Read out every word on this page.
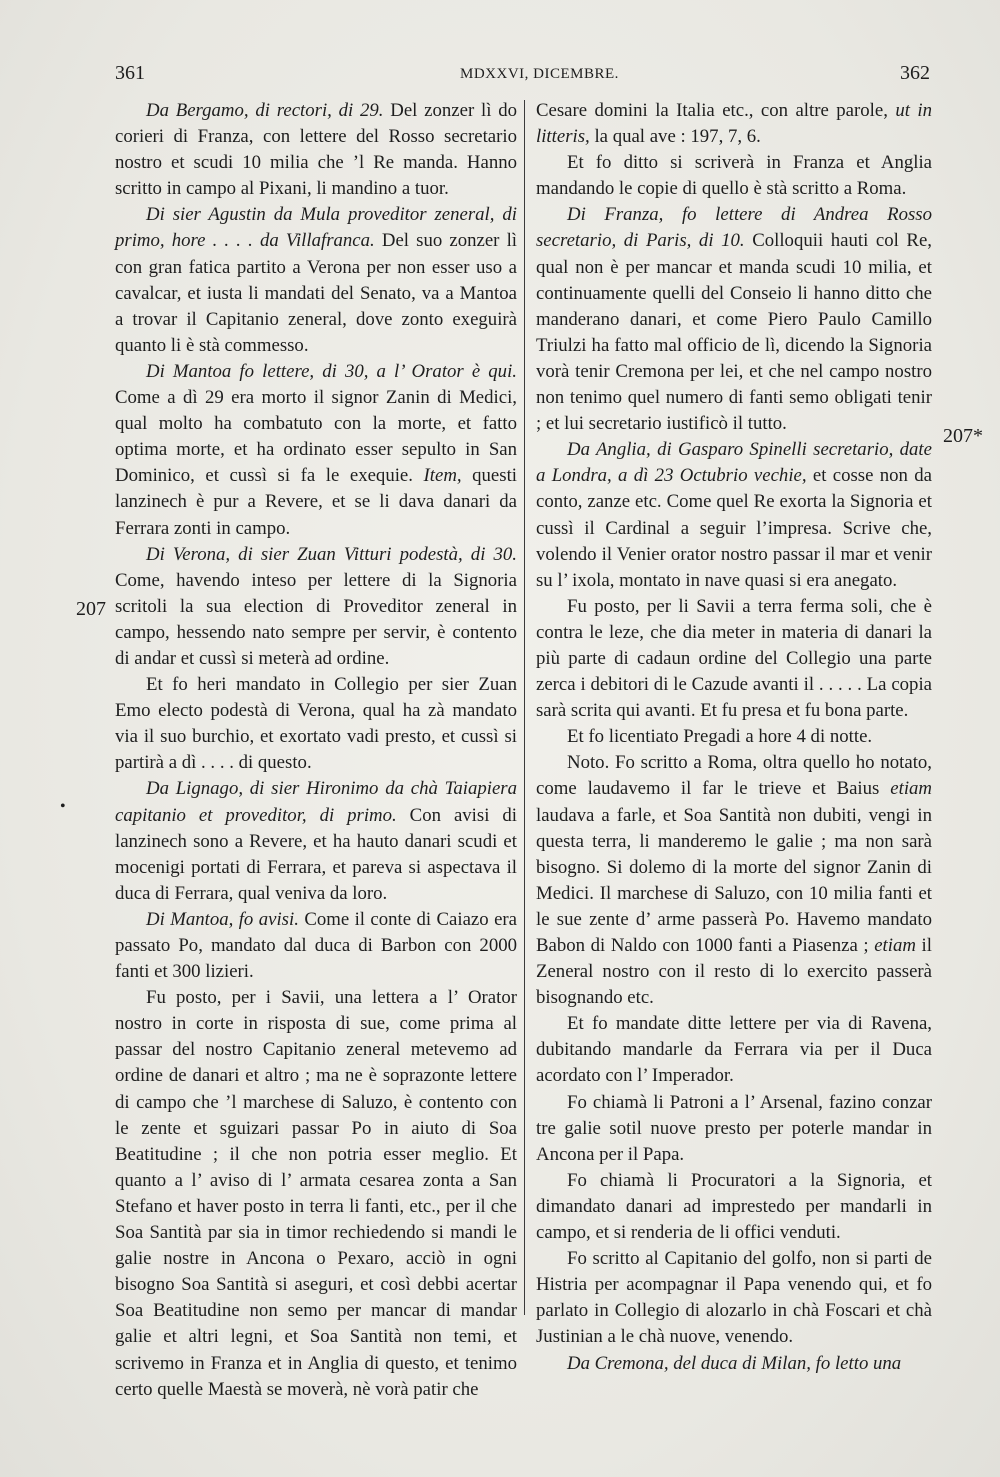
361	MDXXVI, DICEMBRE.	362
207
207*
•

Da Bergamo, di rectori, di 29. Del zonzer lì do corieri di Franza, con lettere del Rosso secretario nostro et scudi 10 milia che ’l Re manda. Hanno scritto in campo al Pixani, li mandino a tuor.

Di sier Agustin da Mula proveditor zeneral, di primo, hore . . . . da Villafranca. Del suo zonzer lì con gran fatica partito a Verona per non esser uso a cavalcar, et iusta li mandati del Senato, va a Mantoa a trovar il Capitanio zeneral, dove zonto exeguirà quanto li è stà commesso.

Di Mantoa fo lettere, di 30, a l’ Orator è qui. Come a dì 29 era morto il signor Zanin di Medici, qual molto ha combatuto con la morte, et fatto optima morte, et ha ordinato esser sepulto in San Dominico, et cussì si fa le exequie. Item, questi lanzinech è pur a Revere, et se li dava danari da Ferrara zonti in campo.

Di Verona, di sier Zuan Vitturi podestà, di 30. Come, havendo inteso per lettere di la Signoria scritoli la sua election di Proveditor zeneral in campo, hessendo nato sempre per servir, è contento di andar et cussì si meterà ad ordine.

Et fo heri mandato in Collegio per sier Zuan Emo electo podestà di Verona, qual ha zà mandato via il suo burchio, et exortato vadi presto, et cussì si partirà a dì . . . . di questo.

Da Lignago, di sier Hironimo da chà Taiapiera capitanio et proveditor, di primo. Con avisi di lanzinech sono a Revere, et ha hauto danari scudi et mocenigi portati di Ferrara, et pareva si aspectava il duca di Ferrara, qual veniva da loro.

Di Mantoa, fo avisi. Come il conte di Caiazo era passato Po, mandato dal duca di Barbon con 2000 fanti et 300 lizieri.

Fu posto, per i Savii, una lettera a l’ Orator nostro in corte in risposta di sue, come prima al passar del nostro Capitanio zeneral metevemo ad ordine de danari et altro ; ma ne è soprazonte lettere di campo che ’l marchese di Saluzo, è contento con le zente et sguizari passar Po in aiuto di Soa Beatitudine ; il che non potria esser meglio. Et quanto a l’ aviso di l’ armata cesarea zonta a San Stefano et haver posto in terra li fanti, etc., per il che Soa Santità par sia in timor rechiedendo si mandi le galie nostre in Ancona o Pexaro, acciò in ogni bisogno Soa Santità si aseguri, et così debbi acertar Soa Beatitudine non semo per mancar di mandar galie et altri legni, et Soa Santità non temi, et scrivemo in Franza et in Anglia di questo, et tenimo certo quelle Maestà se moverà, nè vorà patir che

Cesare domini la Italia etc., con altre parole, ut in litteris, la qual ave : 197, 7, 6.

Et fo ditto si scriverà in Franza et Anglia mandando le copie di quello è stà scritto a Roma.

Di Franza, fo lettere di Andrea Rosso secretario, di Paris, di 10. Colloquii hauti col Re, qual non è per mancar et manda scudi 10 milia, et continuamente quelli del Conseio li hanno ditto che manderano danari, et come Piero Paulo Camillo Triulzi ha fatto mal officio de lì, dicendo la Signoria vorà tenir Cremona per lei, et che nel campo nostro non tenimo quel numero di fanti semo obligati tenir ; et lui secretario iustificò il tutto.

Da Anglia, di Gasparo Spinelli secretario, date a Londra, a dì 23 Octubrio vechie, et cosse non da conto, zanze etc. Come quel Re exorta la Signoria et cussì il Cardinal a seguir l’impresa. Scrive che, volendo il Venier orator nostro passar il mar et venir su l’ ixola, montato in nave quasi si era anegato.

Fu posto, per li Savii a terra ferma soli, che è contra le leze, che dia meter in materia di danari la più parte di cadaun ordine del Collegio una parte zerca i debitori di le Cazude avanti il . . . . . La copia sarà scrita qui avanti. Et fu presa et fu bona parte.

Et fo licentiato Pregadi a hore 4 di notte.

Noto. Fo scritto a Roma, oltra quello ho notato, come laudavemo il far le trieve et Baius etiam laudava a farle, et Soa Santità non dubiti, vengi in questa terra, li manderemo le galie ; ma non sarà bisogno. Si dolemo di la morte del signor Zanin di Medici. Il marchese di Saluzo, con 10 milia fanti et le sue zente d’ arme passerà Po. Havemo mandato Babon di Naldo con 1000 fanti a Piasenza ; etiam il Zeneral nostro con il resto di lo exercito passerà bisognando etc.

Et fo mandate ditte lettere per via di Ravena, dubitando mandarle da Ferrara via per il Duca acordato con l’ Imperador.

Fo chiamà li Patroni a l’ Arsenal, fazino conzar tre galie sotil nuove presto per poterle mandar in Ancona per il Papa.

Fo chiamà li Procuratori a la Signoria, et dimandato danari ad imprestedo per mandarli in campo, et si renderia de li offici venduti.

Fo scritto al Capitanio del golfo, non si parti de Histria per acompagnar il Papa venendo qui, et fo parlato in Collegio di alozarlo in chà Foscari et chà Justinian a le chà nuove, venendo.

Da Cremona, del duca di Milan, fo letto una
